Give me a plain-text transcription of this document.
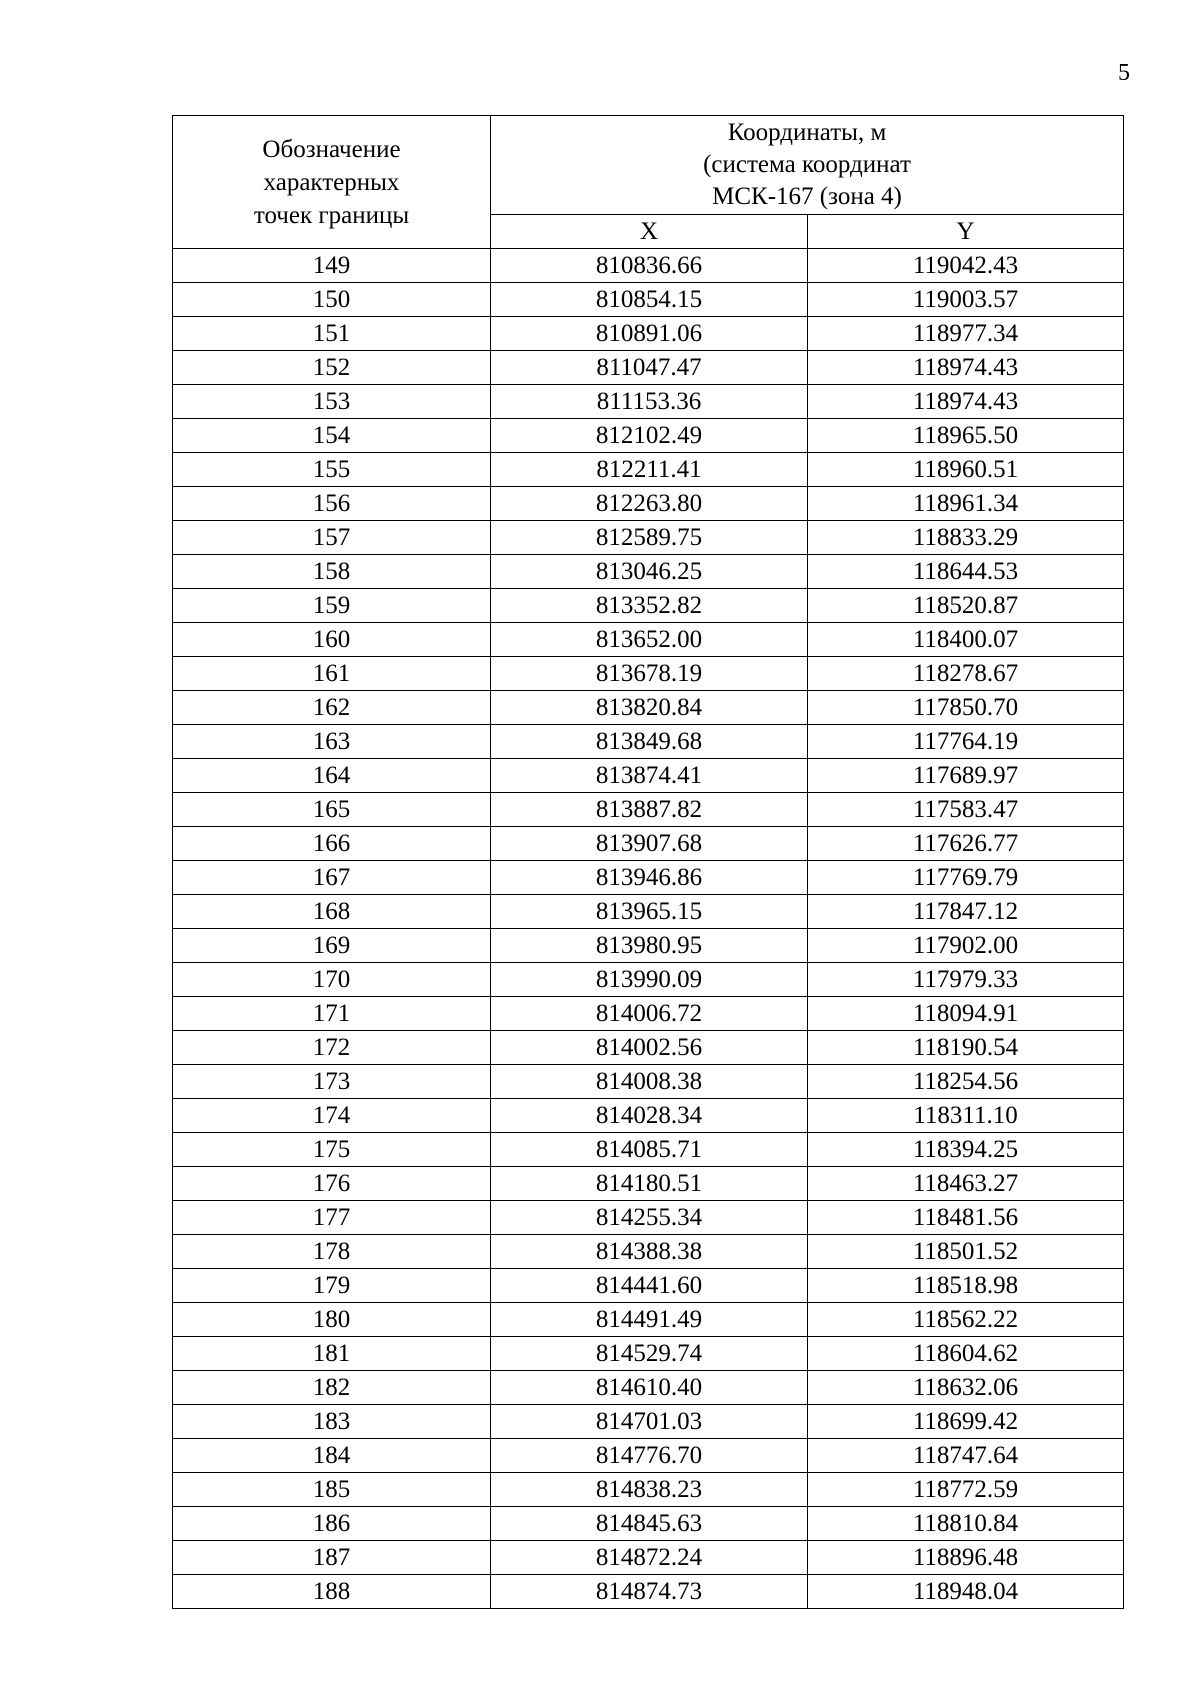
5
Обозначение
характерных
точек границы	Координаты, м
(система координат
МСК-167 (зона 4)	

	X	Y
149	810836.66	119042.43
150	810854.15	119003.57
151	810891.06	118977.34
152	811047.47	118974.43
153	811153.36	118974.43
154	812102.49	118965.50
155	812211.41	118960.51
156	812263.80	118961.34
157	812589.75	118833.29
158	813046.25	118644.53
159	813352.82	118520.87
160	813652.00	118400.07
161	813678.19	118278.67
162	813820.84	117850.70
163	813849.68	117764.19
164	813874.41	117689.97
165	813887.82	117583.47
166	813907.68	117626.77
167	813946.86	117769.79
168	813965.15	117847.12
169	813980.95	117902.00
170	813990.09	117979.33
171	814006.72	118094.91
172	814002.56	118190.54
173	814008.38	118254.56
174	814028.34	118311.10
175	814085.71	118394.25
176	814180.51	118463.27
177	814255.34	118481.56
178	814388.38	118501.52
179	814441.60	118518.98
180	814491.49	118562.22
181	814529.74	118604.62
182	814610.40	118632.06
183	814701.03	118699.42
184	814776.70	118747.64
185	814838.23	118772.59
186	814845.63	118810.84
187	814872.24	118896.48
188	814874.73	118948.04
